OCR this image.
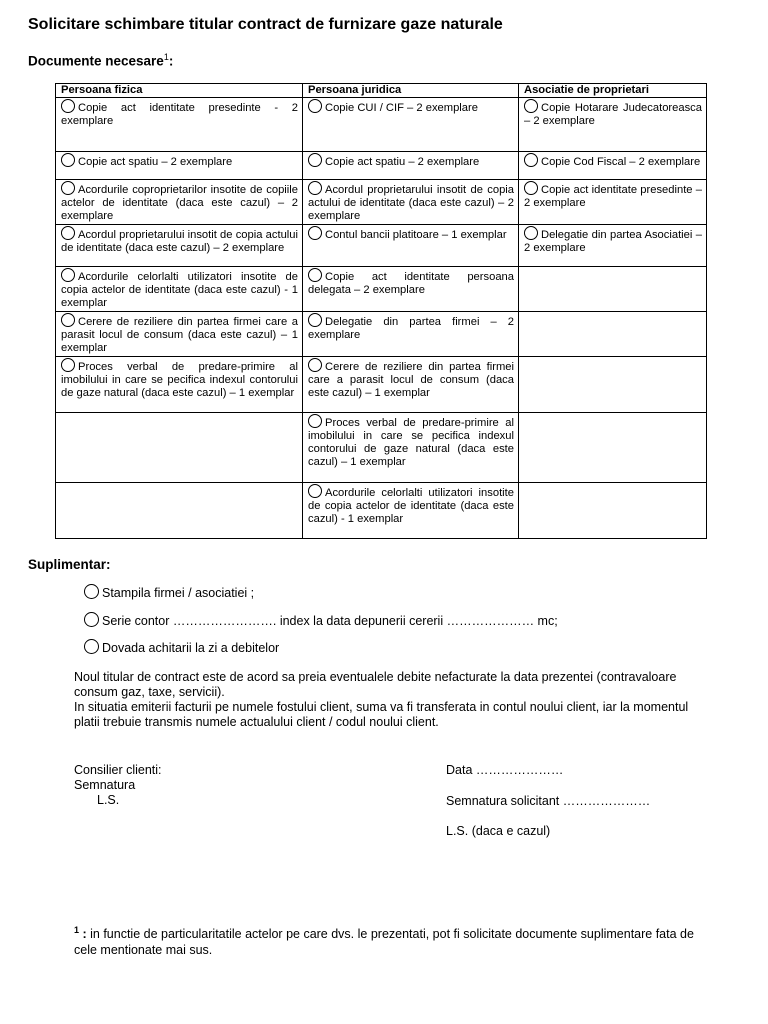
Solicitare schimbare titular contract de furnizare gaze naturale
Documente necesare$^1$:
Persoana fizica	Persoana juridica	Asociatie de proprietari
Copie act identitate presedinte - 2 exemplare	Copie CUI / CIF – 2 exemplare	Copie Hotarare Judecatoreasca – 2 exemplare
Copie act spatiu – 2 exemplare	Copie act spatiu – 2 exemplare	Copie Cod Fiscal – 2 exemplare
Acordurile coproprietarilor insotite de copiile actelor de identitate (daca este cazul) – 2 exemplare	Acordul proprietarului insotit de copia actului de identitate (daca este cazul) – 2 exemplare	Copie act identitate presedinte – 2 exemplare
Acordul proprietarului insotit de copia actului de identitate (daca este cazul) – 2 exemplare	Contul bancii platitoare – 1 exemplar	Delegatie din partea Asociatiei – 2 exemplare
Acordurile celorlalti utilizatori insotite de copia actelor de identitate (daca este cazul) - 1 exemplar	Copie act identitate persoana delegata – 2 exemplare	
Cerere de reziliere din partea firmei care a parasit locul de consum (daca este cazul) – 1 exemplar	Delegatie din partea firmei – 2 exemplare	
Proces verbal de predare-primire al imobilului in care se pecifica indexul contorului de gaze natural (daca este cazul) – 1 exemplar	Cerere de reziliere din partea firmei care a parasit locul de consum (daca este cazul) – 1 exemplar	
	Proces verbal de predare-primire al imobilului in care se pecifica indexul contorului de gaze natural (daca este cazul) – 1 exemplar	
	Acordurile celorlalti utilizatori insotite de copia actelor de identitate (daca este cazul) - 1 exemplar	
Suplimentar:
Stampila firmei / asociatiei ;
Serie contor ……………………. index la data depunerii cererii ………………… mc;
Dovada achitarii la zi a debitelor
Noul titular de contract este de acord sa preia eventualele debite nefacturate la data prezentei (contravaloare consum gaz, taxe, servicii).
In situatia emiterii facturii pe numele fostului client, suma va fi transferata in contul noului client, iar la momentul platii trebuie transmis numele actualului client / codul noului client.
Consilier clienti:
Semnatura
L.S.
Data …………………
Semnatura solicitant …………………
L.S. (daca e cazul)
$^1$ : in functie de particularitatile actelor pe care dvs. le prezentati, pot fi solicitate documente suplimentare fata de cele mentionate mai sus.
